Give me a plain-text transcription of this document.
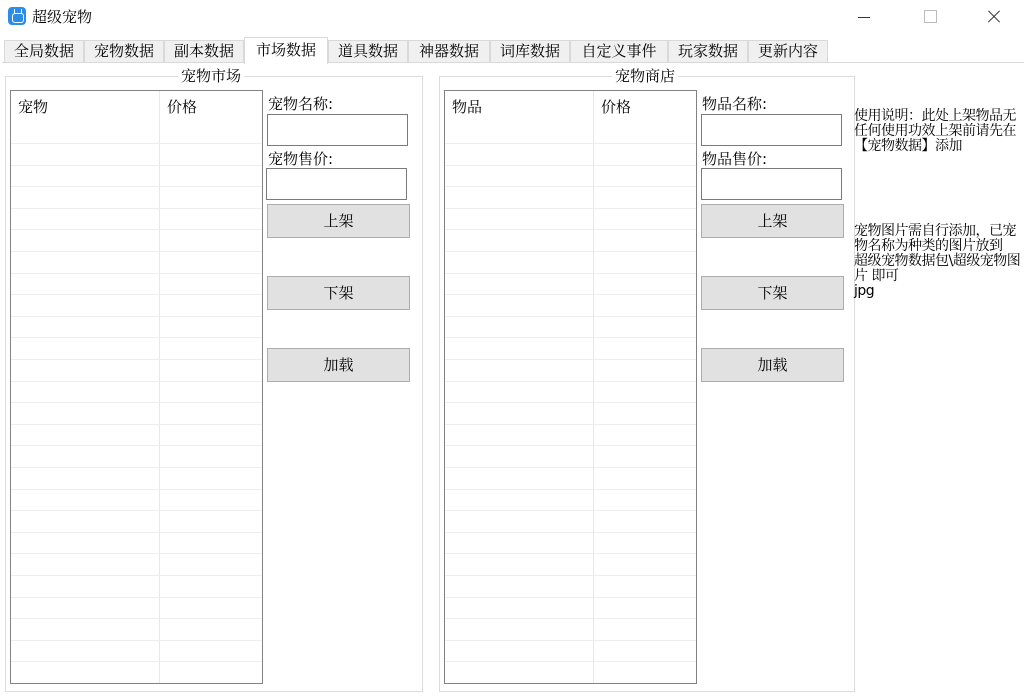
超级宠物
全局数据	宠物数据	副本数据	市场数据	道具数据	神器数据	词库数据	自定义事件	玩家数据	更新内容
宠物市场
宠物	价格	宠物名称:
宠物售价:
上架
下架
加载
宠物商店
物品	价格	物品名称:
物品售价:
上架
下架
加载

使用说明：此处上架物品无任何使用功效上架前请先在【宠物数据】添加

宠物图片需自行添加，已宠物名称为种类的图片放到
超级宠物数据包\超级宠物图片 即可
jpg
